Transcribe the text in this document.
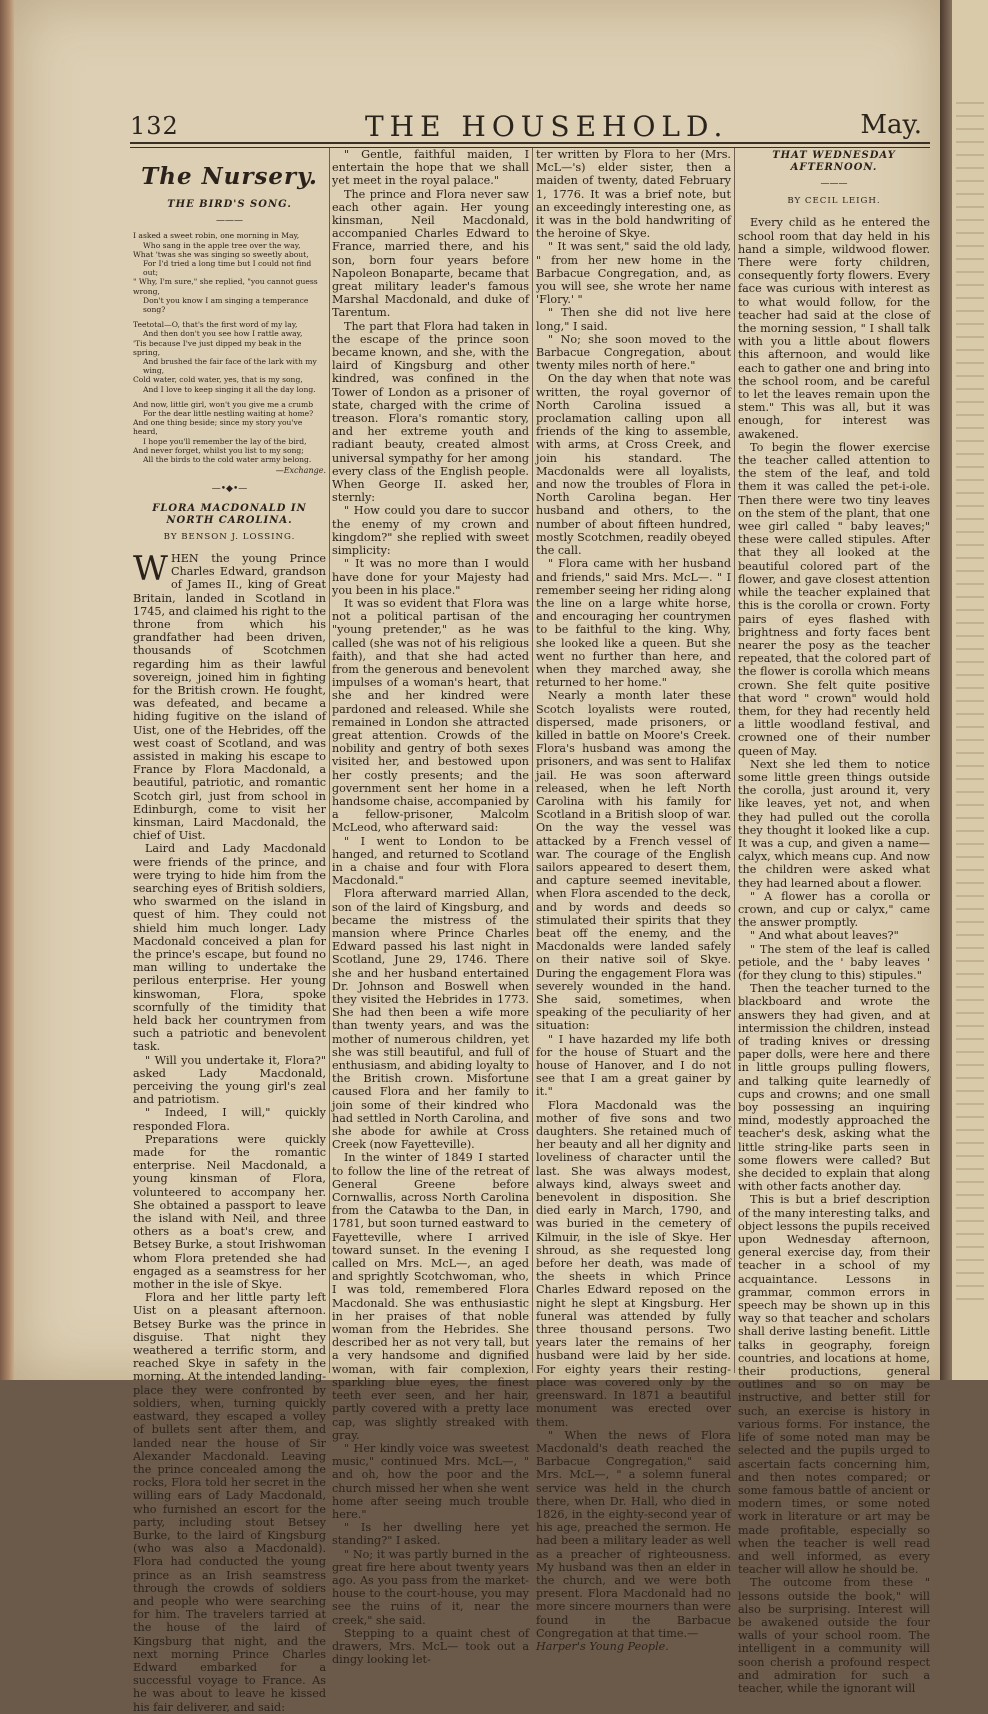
132	THE HOUSEHOLD.	May.
The Nursery.
THE BIRD'S SONG.
———
I asked a sweet robin, one morning in May,
Who sang in the apple tree over the way,
What 'twas she was singing so sweetly about,
For I'd tried a long time but I could not find out;
" Why, I'm sure," she replied, "you cannot guess wrong,
Don't you know I am singing a temperance song?
Teetotal—O, that's the first word of my lay,
And then don't you see how I rattle away,
'Tis because I've just dipped my beak in the spring,
And brushed the fair face of the lark with my wing,
Cold water, cold water, yes, that is my song,
And I love to keep singing it all the day long.
And now, little girl, won't you give me a crumb
For the dear little nestling waiting at home?
And one thing beside; since my story you've heard,
I hope you'll remember the lay of the bird,
And never forget, whilst you list to my song;
All the birds to the cold water army belong.
—Exchange.
—•◆•—
FLORA MACDONALD IN NORTH CAROLINA.
BY BENSON J. LOSSING.

WHEN the young Prince Charles Edward, grandson of James II., king of Great Britain, landed in Scotland in 1745, and claimed his right to the throne from which his grandfather had been driven, thousands of Scotchmen regarding him as their lawful sovereign, joined him in fighting for the British crown. He fought, was defeated, and became a hiding fugitive on the island of Uist, one of the Hebrides, off the west coast of Scotland, and was assisted in making his escape to France by Flora Macdonald, a beautiful, patriotic, and romantic Scotch girl, just from school in Edinburgh, come to visit her kinsman, Laird Macdonald, the chief of Uist.

Laird and Lady Macdonald were friends of the prince, and were trying to hide him from the searching eyes of British soldiers, who swarmed on the island in quest of him. They could not shield him much longer. Lady Macdonald conceived a plan for the prince's escape, but found no man willing to undertake the perilous enterprise. Her young kinswoman, Flora, spoke scornfully of the timidity that held back her countrymen from such a patriotic and benevolent task.

" Will you undertake it, Flora?" asked Lady Macdonald, perceiving the young girl's zeal and patriotism.

" Indeed, I will," quickly responded Flora.

Preparations were quickly made for the romantic enterprise. Neil Macdonald, a young kinsman of Flora, volunteered to accompany her. She obtained a passport to leave the island with Neil, and three others as a boat's crew, and Betsey Burke, a stout Irishwoman whom Flora pretended she had engaged as a seamstress for her mother in the isle of Skye.

Flora and her little party left Uist on a pleasant afternoon. Betsey Burke was the prince in disguise. That night they weathered a terrific storm, and reached Skye in safety in the morning. At the intended landing-place they were confronted by soldiers, when, turning quickly eastward, they escaped a volley of bullets sent after them, and landed near the house of Sir Alexander Macdonald. Leaving the prince concealed among the rocks, Flora told her secret in the willing ears of Lady Macdonald, who furnished an escort for the party, including stout Betsey Burke, to the laird of Kingsburg (who was also a Macdonald). Flora had conducted the young prince as an Irish seamstress through the crowds of soldiers and people who were searching for him. The travelers tarried at the house of the laird of Kingsburg that night, and the next morning Prince Charles Edward embarked for a successful voyage to France. As he was about to leave he kissed his fair deliverer, and said:

" Gentle, faithful maiden, I entertain the hope that we shall yet meet in the royal palace."

The prince and Flora never saw each other again. Her young kinsman, Neil Macdonald, accompanied Charles Edward to France, married there, and his son, born four years before Napoleon Bonaparte, became that great military leader's famous Marshal Macdonald, and duke of Tarentum.

The part that Flora had taken in the escape of the prince soon became known, and she, with the laird of Kingsburg and other kindred, was confined in the Tower of London as a prisoner of state, charged with the crime of treason. Flora's romantic story, and her extreme youth and radiant beauty, created almost universal sympathy for her among every class of the English people. When George II. asked her, sternly:

" How could you dare to succor the enemy of my crown and kingdom?" she replied with sweet simplicity:

" It was no more than I would have done for your Majesty had you been in his place."

It was so evident that Flora was not a political partisan of the "young pretender," as he was called (she was not of his religious faith), and that she had acted from the generous and benevolent impulses of a woman's heart, that she and her kindred were pardoned and released. While she remained in London she attracted great attention. Crowds of the nobility and gentry of both sexes visited her, and bestowed upon her costly presents; and the government sent her home in a handsome chaise, accompanied by a fellow-prisoner, Malcolm McLeod, who afterward said:

" I went to London to be hanged, and returned to Scotland in a chaise and four with Flora Macdonald."

Flora afterward married Allan, son of the laird of Kingsburg, and became the mistress of the mansion where Prince Charles Edward passed his last night in Scotland, June 29, 1746. There she and her husband entertained Dr. Johnson and Boswell when they visited the Hebrides in 1773. She had then been a wife more than twenty years, and was the mother of numerous children, yet she was still beautiful, and full of enthusiasm, and abiding loyalty to the British crown. Misfortune caused Flora and her family to join some of their kindred who had settled in North Carolina, and she abode for awhile at Cross Creek (now Fayetteville).

In the winter of 1849 I started to follow the line of the retreat of General Greene before Cornwallis, across North Carolina from the Catawba to the Dan, in 1781, but soon turned eastward to Fayetteville, where I arrived toward sunset. In the evening I called on Mrs. McL—, an aged and sprightly Scotchwoman, who, I was told, remembered Flora Macdonald. She was enthusiastic in her praises of that noble woman from the Hebrides. She described her as not very tall, but a very handsome and dignified woman, with fair complexion, sparkling blue eyes, the finest teeth ever seen, and her hair, partly covered with a pretty lace cap, was slightly streaked with gray.

" Her kindly voice was sweetest music," continued Mrs. McL—, " and oh, how the poor and the church missed her when she went home after seeing much trouble here."

" Is her dwelling here yet standing?" I asked.

" No; it was partly burned in the great fire here about twenty years ago. As you pass from the market-house to the court-house, you may see the ruins of it, near the creek," she said.

Stepping to a quaint chest of drawers, Mrs. McL— took out a dingy looking let-

ter written by Flora to her (Mrs. McL—'s) elder sister, then a maiden of twenty, dated February 1, 1776. It was a brief note, but an exceedingly interesting one, as it was in the bold handwriting of the heroine of Skye.

" It was sent," said the old lady, " from her new home in the Barbacue Congregation, and, as you will see, she wrote her name 'Flory.' "

" Then she did not live here long," I said.

" No; she soon moved to the Barbacue Congregation, about twenty miles north of here."

On the day when that note was written, the royal governor of North Carolina issued a proclamation calling upon all friends of the king to assemble, with arms, at Cross Creek, and join his standard. The Macdonalds were all loyalists, and now the troubles of Flora in North Carolina began. Her husband and others, to the number of about fifteen hundred, mostly Scotchmen, readily obeyed the call.

" Flora came with her husband and friends," said Mrs. McL—. " I remember seeing her riding along the line on a large white horse, and encouraging her countrymen to be faithful to the king. Why, she looked like a queen. But she went no further than here, and when they marched away, she returned to her home."

Nearly a month later these Scotch loyalists were routed, dispersed, made prisoners, or killed in battle on Moore's Creek. Flora's husband was among the prisoners, and was sent to Halifax jail. He was soon afterward released, when he left North Carolina with his family for Scotland in a British sloop of war. On the way the vessel was attacked by a French vessel of war. The courage of the English sailors appeared to desert them, and capture seemed inevitable, when Flora ascended to the deck, and by words and deeds so stimulated their spirits that they beat off the enemy, and the Macdonalds were landed safely on their native soil of Skye. During the engagement Flora was severely wounded in the hand. She said, sometimes, when speaking of the peculiarity of her situation:

" I have hazarded my life both for the house of Stuart and the house of Hanover, and I do not see that I am a great gainer by it."

Flora Macdonald was the mother of five sons and two daughters. She retained much of her beauty and all her dignity and loveliness of character until the last. She was always modest, always kind, always sweet and benevolent in disposition. She died early in March, 1790, and was buried in the cemetery of Kilmuir, in the isle of Skye. Her shroud, as she requested long before her death, was made of the sheets in which Prince Charles Edward reposed on the night he slept at Kingsburg. Her funeral was attended by fully three thousand persons. Two years later the remains of her husband were laid by her side. For eighty years their resting-place was covered only by the greensward. In 1871 a beautiful monument was erected over them.

" When the news of Flora Macdonald's death reached the Barbacue Congregation," said Mrs. McL—, " a solemn funeral service was held in the church there, when Dr. Hall, who died in 1826, in the eighty-second year of his age, preached the sermon. He had been a military leader as well as a preacher of righteousness. My husband was then an elder in the church, and we were both present. Flora Macdonald had no more sincere mourners than were found in the Barbacue Congregation at that time.—

Harper's Young People.

THAT WEDNESDAY AFTERNOON.
———
BY CECIL LEIGH.

Every child as he entered the school room that day held in his hand a simple, wildwood flower. There were forty children, consequently forty flowers. Every face was curious with interest as to what would follow, for the teacher had said at the close of the morning session, " I shall talk with you a little about flowers this afternoon, and would like each to gather one and bring into the school room, and be careful to let the leaves remain upon the stem." This was all, but it was enough, for interest was awakened.

To begin the flower exercise the teacher called attention to the stem of the leaf, and told them it was called the pet-i-ole. Then there were two tiny leaves on the stem of the plant, that one wee girl called " baby leaves;" these were called stipules. After that they all looked at the beautiful colored part of the flower, and gave closest attention while the teacher explained that this is the corolla or crown. Forty pairs of eyes flashed with brightness and forty faces bent nearer the posy as the teacher repeated, that the colored part of the flower is corolla which means crown. She felt quite positive that word " crown" would hold them, for they had recently held a little woodland festival, and crowned one of their number queen of May.

Next she led them to notice some little green things outside the corolla, just around it, very like leaves, yet not, and when they had pulled out the corolla they thought it looked like a cup. It was a cup, and given a name—calyx, which means cup. And now the children were asked what they had learned about a flower.

" A flower has a corolla or crown, and cup or calyx," came the answer promptly.

" And what about leaves?"

" The stem of the leaf is called petiole, and the ' baby leaves ' (for they clung to this) stipules."

Then the teacher turned to the blackboard and wrote the answers they had given, and at intermission the children, instead of trading knives or dressing paper dolls, were here and there in little groups pulling flowers, and talking quite learnedly of cups and crowns; and one small boy possessing an inquiring mind, modestly approached the teacher's desk, asking what the little string-like parts seen in some flowers were called? But she decided to explain that along with other facts another day.

This is but a brief description of the many interesting talks, and object lessons the pupils received upon Wednesday afternoon, general exercise day, from their teacher in a school of my acquaintance. Lessons in grammar, common errors in speech may be shown up in this way so that teacher and scholars shall derive lasting benefit. Little talks in geography, foreign countries, and locations at home, their productions, general outlines and so on may be instructive, and better still for such, an exercise is history in various forms. For instance, the life of some noted man may be selected and the pupils urged to ascertain facts concerning him, and then notes compared; or some famous battle of ancient or modern times, or some noted work in literature or art may be made profitable, especially so when the teacher is well read and well informed, as every teacher will allow he should be.

The outcome from these " lessons outside the book," will also be surprising. Interest will be awakened outside the four walls of your school room. The intelligent in a community will soon cherish a profound respect and admiration for such a teacher, while the ignorant will
